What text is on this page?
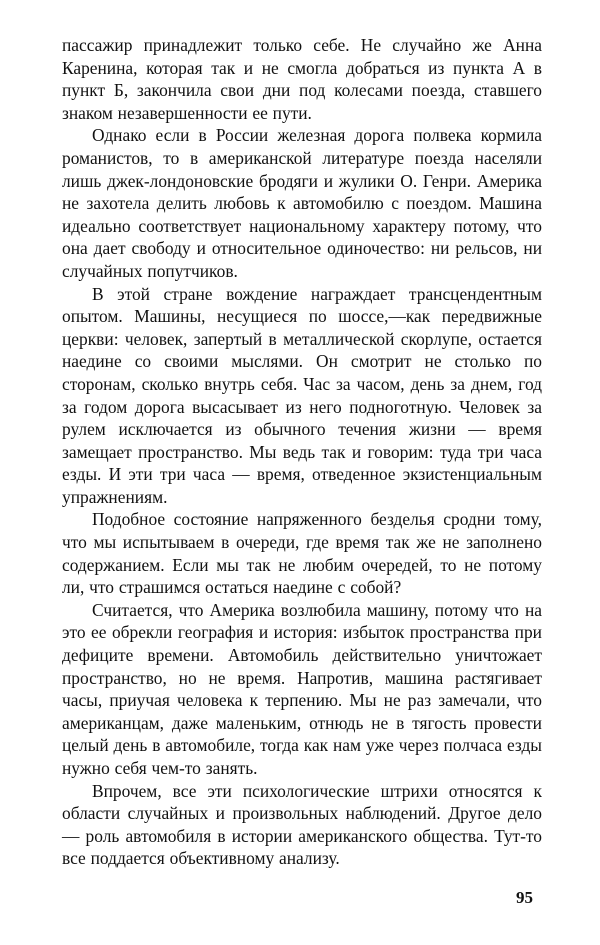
пассажир принадлежит только себе. Не случайно же Анна Каренина, которая так и не смогла добраться из пункта А в пункт Б, закончила свои дни под колесами поезда, ставшего знаком незавершенности ее пути.

Однако если в России железная дорога полвека кормила романистов, то в американской литературе поезда населяли лишь джек-лондоновские бродяги и жулики О. Генри. Америка не захотела делить любовь к автомобилю с поездом. Машина идеально соответствует национальному характеру потому, что она дает свободу и относительное одиночество: ни рельсов, ни случайных попутчиков.

В этой стране вождение награждает трансцендентным опытом. Машины, несущиеся по шоссе,—как передвижные церкви: человек, запертый в металлической скорлупе, остается наедине со своими мыслями. Он смотрит не столько по сторонам, сколько внутрь себя. Час за часом, день за днем, год за годом дорога высасывает из него подноготную. Человек за рулем исключается из обычного течения жизни — время замещает пространство. Мы ведь так и говорим: туда три часа езды. И эти три часа — время, отведенное экзистенциальным упражнениям.

Подобное состояние напряженного безделья сродни тому, что мы испытываем в очереди, где время так же не заполнено содержанием. Если мы так не любим очередей, то не потому ли, что страшимся остаться наедине с собой?

Считается, что Америка возлюбила машину, потому что на это ее обрекли география и история: избыток пространства при дефиците времени. Автомобиль действительно уничтожает пространство, но не время. Напротив, машина растягивает часы, приучая человека к терпению. Мы не раз замечали, что американцам, даже маленьким, отнюдь не в тягость провести целый день в автомобиле, тогда как нам уже через полчаса езды нужно себя чем-то занять.

Впрочем, все эти психологические штрихи относятся к области случайных и произвольных наблюдений. Другое дело — роль автомобиля в истории американского общества. Тут-то все поддается объективному анализу.

95
